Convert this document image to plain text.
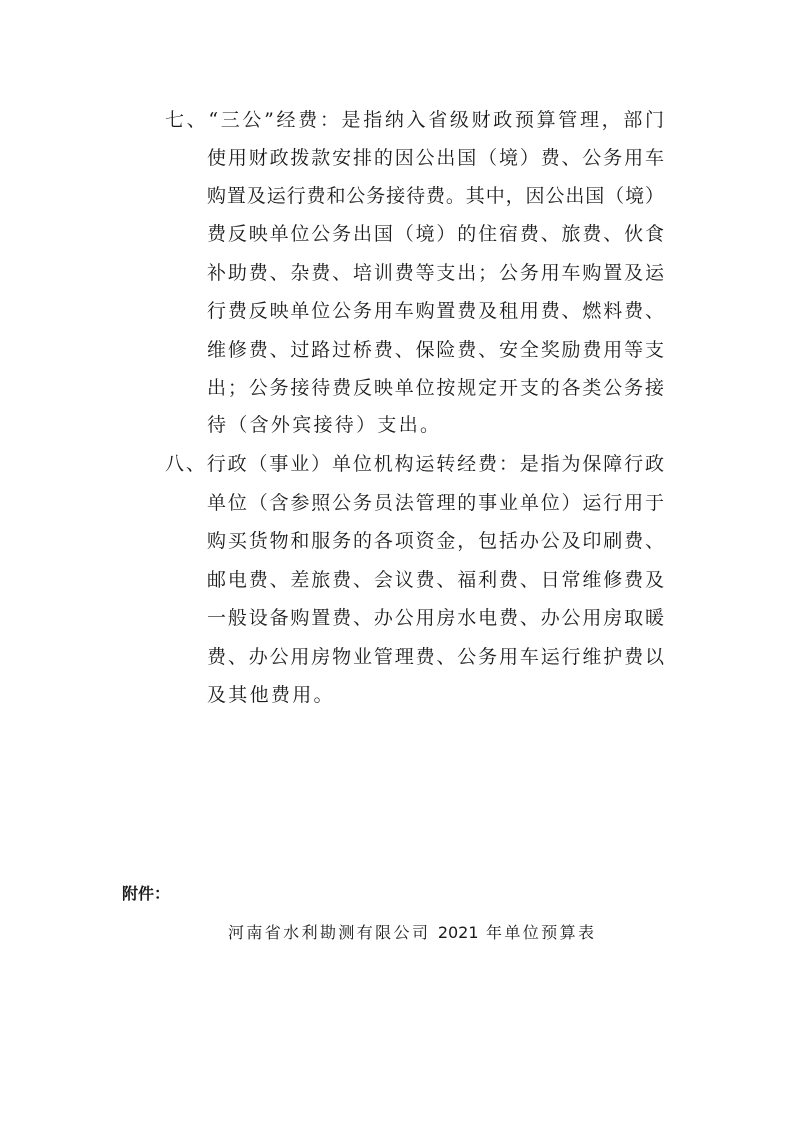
七、“三公”经费：是指纳入省级财政预算管理，部门
使用财政拨款安排的因公出国（境）费、公务用车
购置及运行费和公务接待费。其中，因公出国（境）
费反映单位公务出国（境）的住宿费、旅费、伙食
补助费、杂费、培训费等支出；公务用车购置及运
行费反映单位公务用车购置费及租用费、燃料费、
维修费、过路过桥费、保险费、安全奖励费用等支
出；公务接待费反映单位按规定开支的各类公务接
待（含外宾接待）支出。
八、行政（事业）单位机构运转经费：是指为保障行政
单位（含参照公务员法管理的事业单位）运行用于
购买货物和服务的各项资金，包括办公及印刷费、
邮电费、差旅费、会议费、福利费、日常维修费及
一般设备购置费、办公用房水电费、办公用房取暖
费、办公用房物业管理费、公务用车运行维护费以
及其他费用。
附件：
河南省水利勘测有限公司 2021 年单位预算表
